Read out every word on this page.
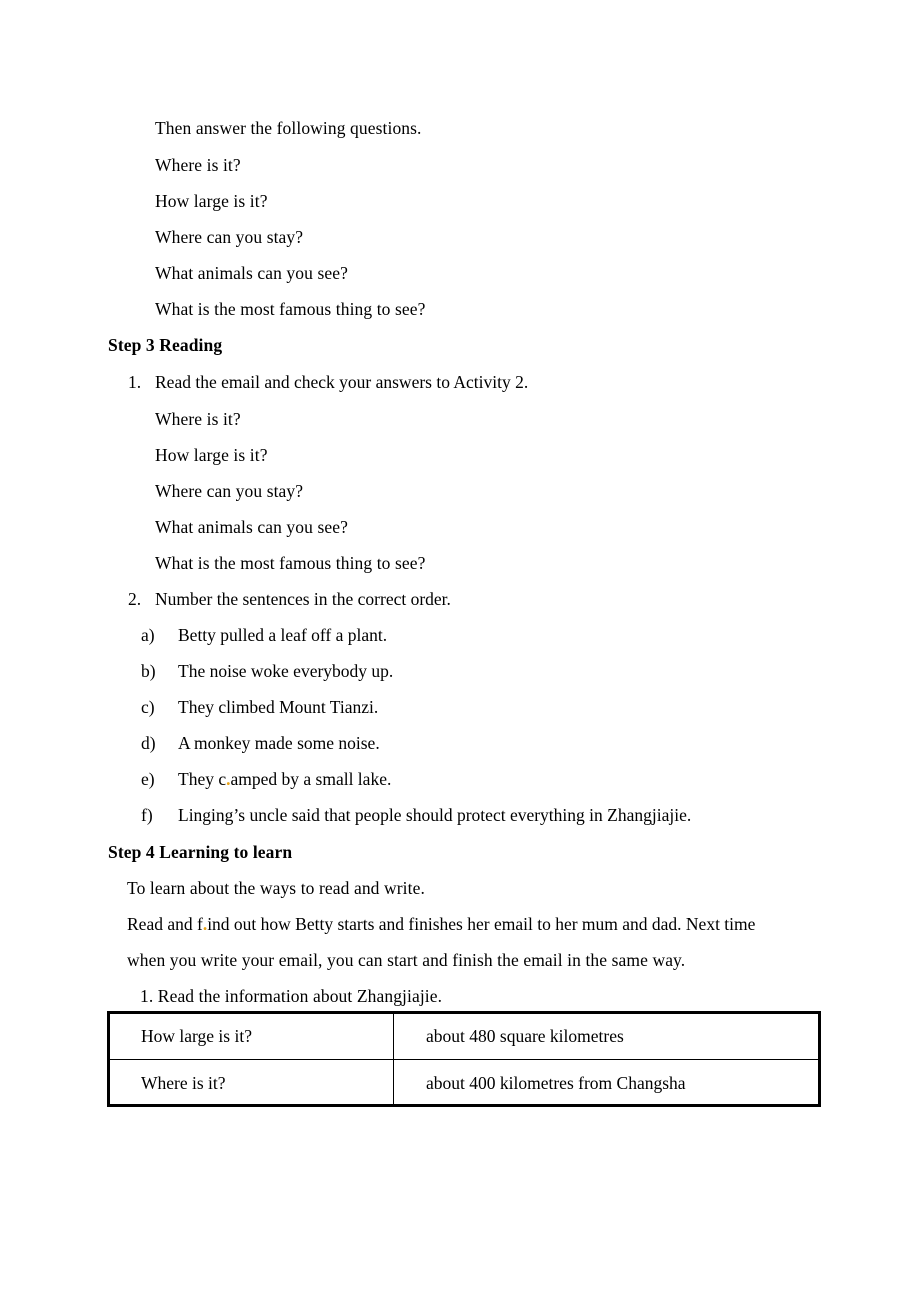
Then answer the following questions.
Where is it?
How large is it?
Where can you stay?
What animals can you see?
What is the most famous thing to see?
Step 3 Reading
1. Read the email and check your answers to Activity 2.
Where is it?
How large is it?
Where can you stay?
What animals can you see?
What is the most famous thing to see?
2. Number the sentences in the correct order.
a) Betty pulled a leaf off a plant.
b) The noise woke everybody up.
c) They climbed Mount Tianzi.
d) A monkey made some noise.
e) They c.amped by a small lake.
f) Linging’s uncle said that people should protect everything in Zhangjiajie.
Step 4 Learning to learn
To learn about the ways to read and write.
Read and f.ind out how Betty starts and finishes her email to her mum and dad. Next time
when you write your email, you can start and finish the email in the same way.
1. Read the information about Zhangjiajie.
How large is it?	about 480 square kilometres
Where is it?	about 400 kilometres from Changsha
